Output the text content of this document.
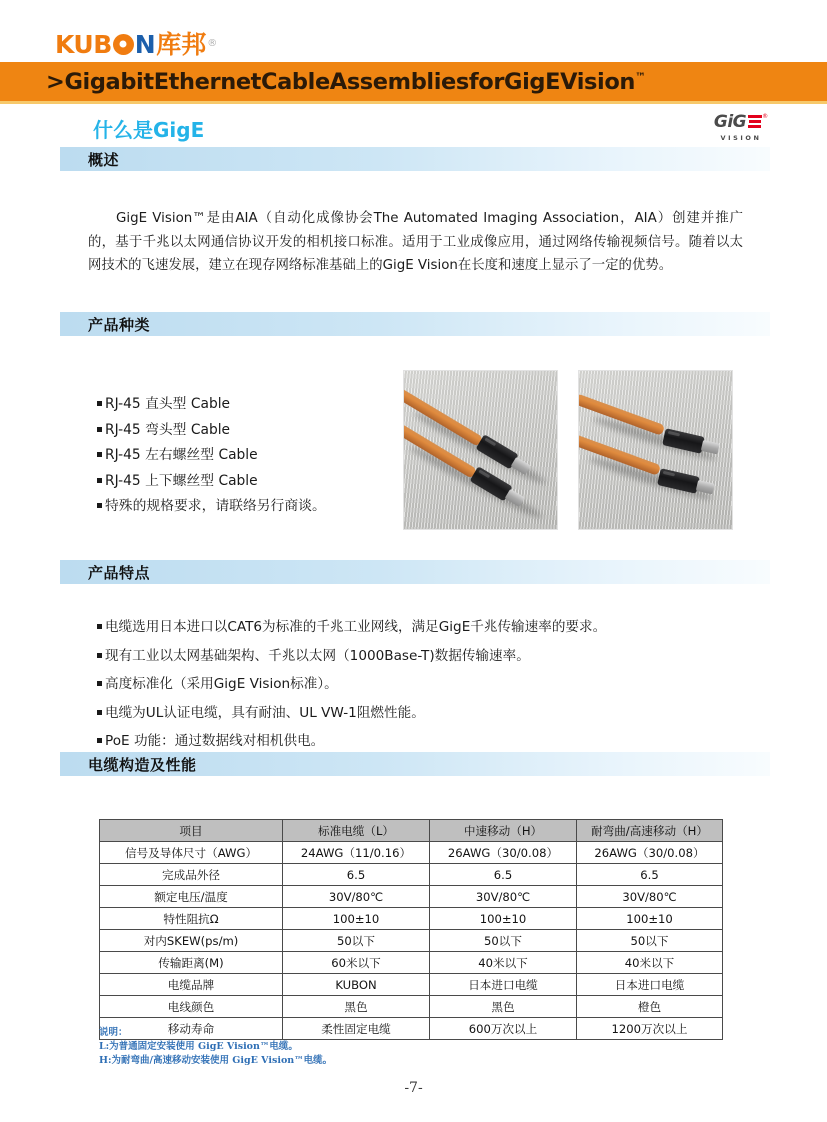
KUB N 库邦 ®
>GigabitEthernetCableAssembliesforGigEVision™
什么是GigE	GiG	®
VISION
概述
GigE Vision™是由AIA（自动化成像协会The Automated Imaging Association，AIA）创建并推广的，基于千兆以太网通信协议开发的相机接口标准。适用于工业成像应用，通过网络传输视频信号。随着以太网技术的飞速发展，建立在现存网络标准基础上的GigE Vision在长度和速度上显示了一定的优势。
产品种类
RJ-45 直头型 Cable
RJ-45 弯头型 Cable
RJ-45 左右螺丝型 Cable
RJ-45 上下螺丝型 Cable
特殊的规格要求，请联络另行商谈。
产品特点
电缆选用日本进口以CAT6为标准的千兆工业网线，满足GigE千兆传输速率的要求。
现有工业以太网基础架构、千兆以太网（1000Base-T)数据传输速率。
高度标准化（采用GigE Vision标准）。
电缆为UL认证电缆，具有耐油、UL VW-1阻燃性能。
PoE 功能：通过数据线对相机供电。
电缆构造及性能
项目	标准电缆（L）	中速移动（H）	耐弯曲/高速移动（H）
信号及导体尺寸（AWG）	24AWG（11/0.16）	26AWG（30/0.08）	26AWG（30/0.08）
完成品外径	6.5	6.5	6.5
额定电压/温度	30V/80℃	30V/80℃	30V/80℃
特性阻抗Ω	100±10	100±10	100±10
对内SKEW(ps/m)	50以下	50以下	50以下
传输距离(M)	60米以下	40米以下	40米以下
电缆品牌	KUBON	日本进口电缆	日本进口电缆
电线颜色	黑色	黑色	橙色
移动寿命	柔性固定电缆	600万次以上	1200万次以上
说明：
L:为普通固定安装使用 GigE Vision™电缆。
H:为耐弯曲/高速移动安装使用 GigE Vision™电缆。
-7-
